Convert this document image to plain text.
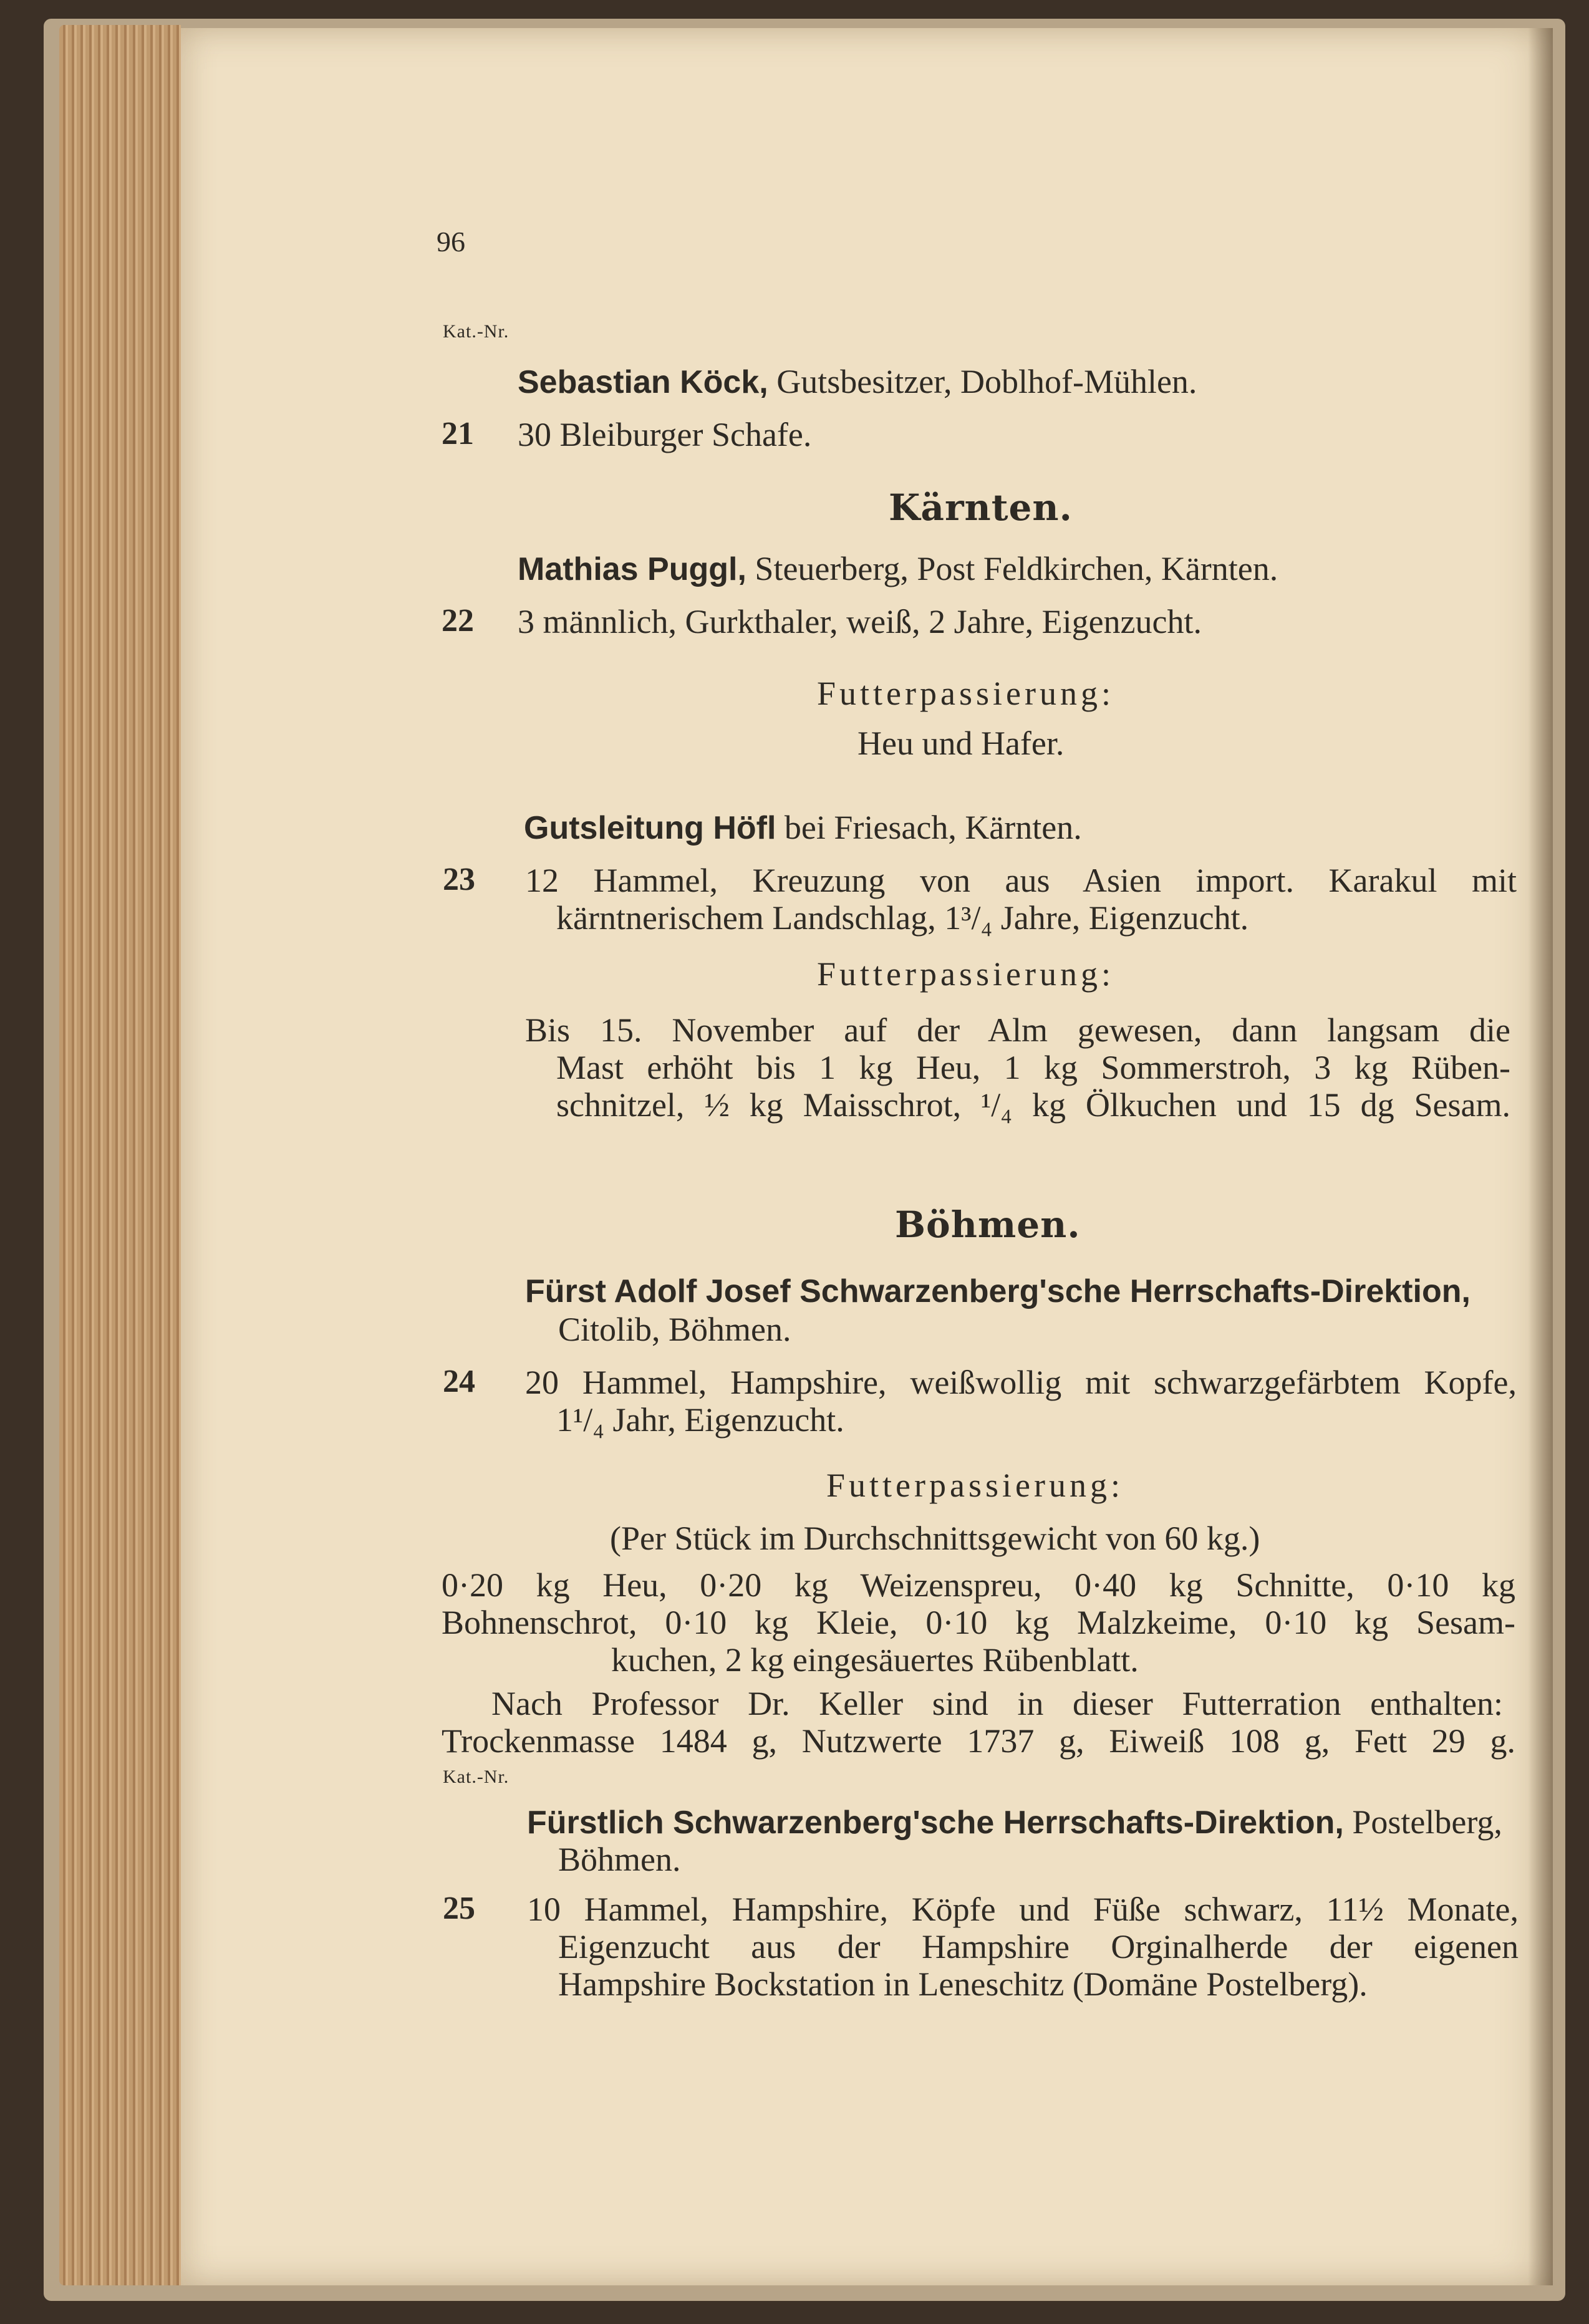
96
Kat.-Nr.
Sebastian Köck, Gutsbesitzer, Doblhof-Mühlen.
21 30 Bleiburger Schafe.
Kärnten.
Mathias Puggl, Steuerberg, Post Feldkirchen, Kärnten.
22 3 männlich, Gurkthaler, weiß, 2 Jahre, Eigenzucht.
Futterpassierung:
Heu und Hafer.
Gutsleitung Höfl bei Friesach, Kärnten.
23 12 Hammel, Kreuzung von aus Asien import. Karakul mit
kärntnerischem Landschlag, 1³/₄ Jahre, Eigenzucht.
Futterpassierung:
Bis 15. November auf der Alm gewesen, dann langsam die
Mast erhöht bis 1 kg Heu, 1 kg Sommerstroh, 3 kg Rüben-
schnitzel, ½ kg Maisschrot, ¹/₄ kg Ölkuchen und 15 dg Sesam.
Böhmen.
Fürst Adolf Josef Schwarzenberg'sche Herrschafts-Direktion,
Citolib, Böhmen.
24 20 Hammel, Hampshire, weißwollig mit schwarzgefärbtem Kopfe,
1¹/₄ Jahr, Eigenzucht.
Futterpassierung:
(Per Stück im Durchschnittsgewicht von 60 kg.)
0·20 kg Heu, 0·20 kg Weizenspreu, 0·40 kg Schnitte, 0·10 kg
Bohnenschrot, 0·10 kg Kleie, 0·10 kg Malzkeime, 0·10 kg Sesam-
kuchen, 2 kg eingesäuertes Rübenblatt.
Nach Professor Dr. Keller sind in dieser Futterration enthalten:
Trockenmasse 1484 g, Nutzwerte 1737 g, Eiweiß 108 g, Fett 29 g.
Kat.-Nr.
Fürstlich Schwarzenberg'sche Herrschafts-Direktion, Postelberg,
Böhmen.
25 10 Hammel, Hampshire, Köpfe und Füße schwarz, 11½ Monate,
Eigenzucht aus der Hampshire Orginalherde der eigenen
Hampshire Bockstation in Leneschitz (Domäne Postelberg).
